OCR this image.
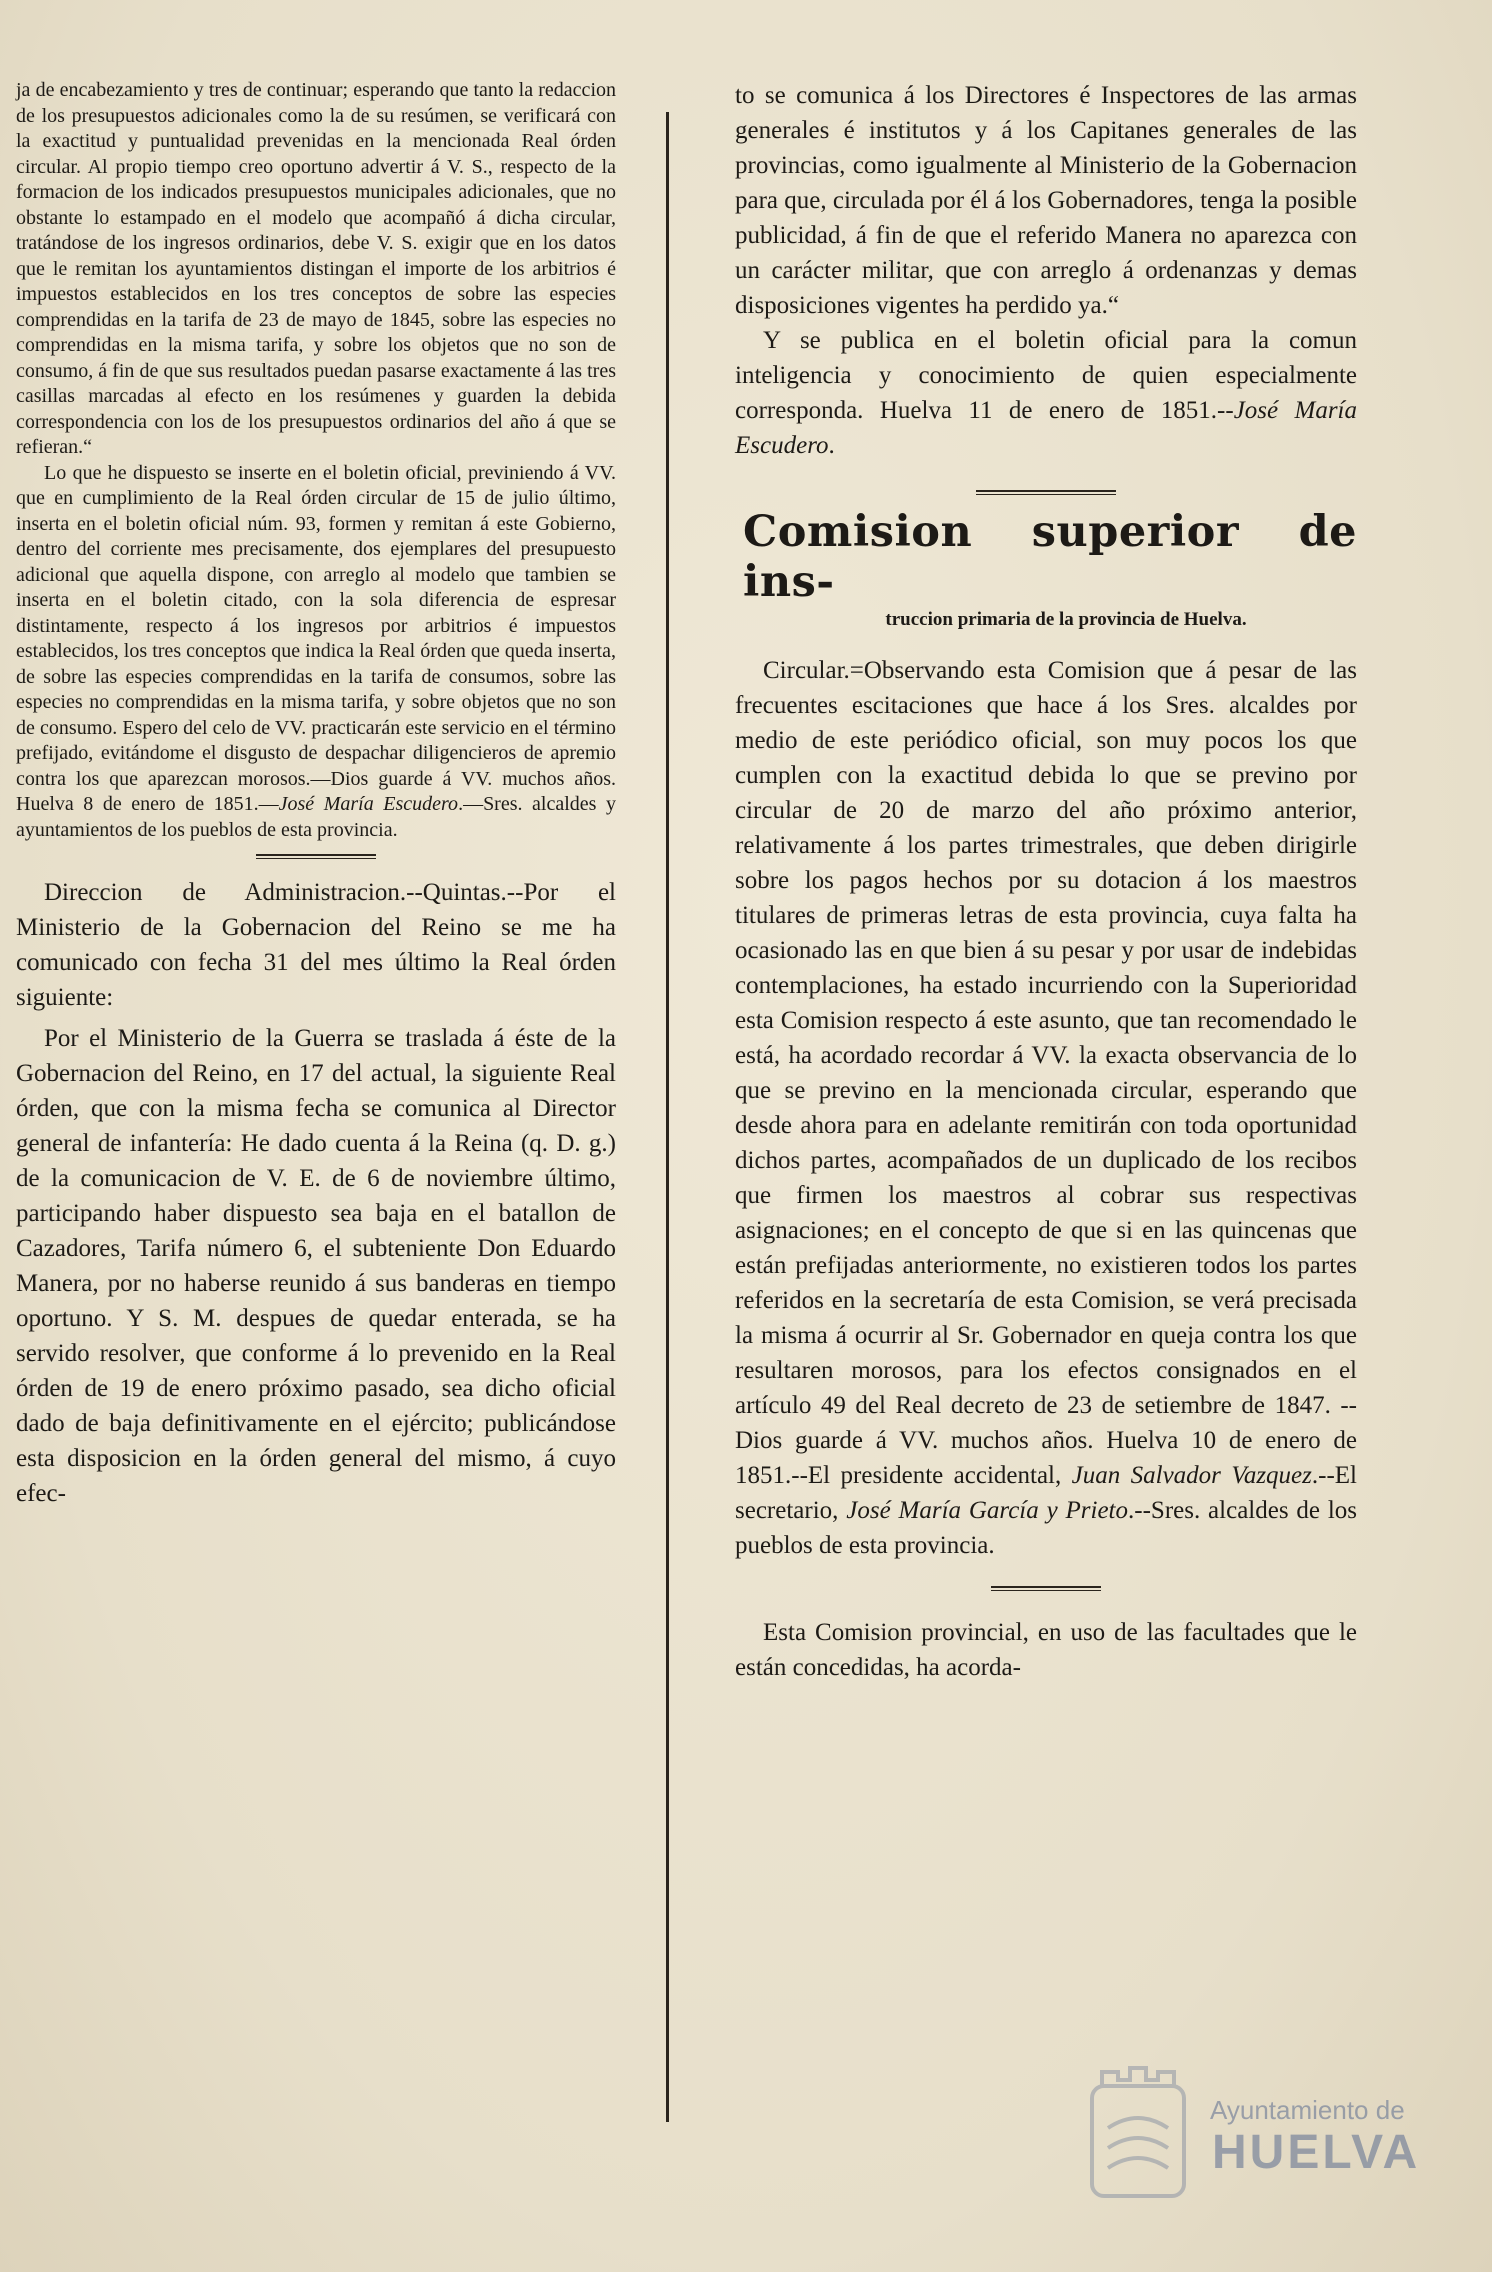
ja de encabezamiento y tres de continuar; esperando que tanto la redaccion de los presupuestos adicionales como la de su resúmen, se verificará con la exactitud y puntualidad prevenidas en la mencionada Real órden circular. Al propio tiempo creo oportuno advertir á V. S., respecto de la formacion de los indicados presupuestos municipales adicionales, que no obstante lo estampado en el modelo que acompañó á dicha circular, tratándose de los ingresos ordinarios, debe V. S. exigir que en los datos que le remitan los ayuntamientos distingan el importe de los arbitrios é impuestos establecidos en los tres conceptos de sobre las especies comprendidas en la tarifa de 23 de mayo de 1845, sobre las especies no comprendidas en la misma tarifa, y sobre los objetos que no son de consumo, á fin de que sus resultados puedan pasarse exactamente á las tres casillas marcadas al efecto en los resúmenes y guarden la debida correspondencia con los de los presupuestos ordinarios del año á que se refieran.“

Lo que he dispuesto se inserte en el boletin oficial, previniendo á VV. que en cumplimiento de la Real órden circular de 15 de julio último, inserta en el boletin oficial núm. 93, formen y remitan á este Gobierno, dentro del corriente mes precisamente, dos ejemplares del presupuesto adicional que aquella dispone, con arreglo al modelo que tambien se inserta en el boletin citado, con la sola diferencia de espresar distintamente, respecto á los ingresos por arbitrios é impuestos establecidos, los tres conceptos que indica la Real órden que queda inserta, de sobre las especies comprendidas en la tarifa de consumos, sobre las especies no comprendidas en la misma tarifa, y sobre objetos que no son de consumo. Espero del celo de VV. practicarán este servicio en el término prefijado, evitándome el disgusto de despachar diligencieros de apremio contra los que aparezcan morosos.—Dios guarde á VV. muchos años. Huelva 8 de enero de 1851.—José María Escudero.—Sres. alcaldes y ayuntamientos de los pueblos de esta provincia.

Direccion de Administracion.--Quintas.--Por el Ministerio de la Gobernacion del Reino se me ha comunicado con fecha 31 del mes último la Real órden siguiente:

Por el Ministerio de la Guerra se traslada á éste de la Gobernacion del Reino, en 17 del actual, la siguiente Real órden, que con la misma fecha se comunica al Director general de infantería: He dado cuenta á la Reina (q. D. g.) de la comunicacion de V. E. de 6 de noviembre último, participando haber dispuesto sea baja en el batallon de Cazadores, Tarifa número 6, el subteniente Don Eduardo Manera, por no haberse reunido á sus banderas en tiempo oportuno. Y S. M. despues de quedar enterada, se ha servido resolver, que conforme á lo prevenido en la Real órden de 19 de enero próximo pasado, sea dicho oficial dado de baja definitivamente en el ejército; publicándose esta disposicion en la órden general del mismo, á cuyo efec-

to se comunica á los Directores é Inspectores de las armas generales é institutos y á los Capitanes generales de las provincias, como igualmente al Ministerio de la Gobernacion para que, circulada por él á los Gobernadores, tenga la posible publicidad, á fin de que el referido Manera no aparezca con un carácter militar, que con arreglo á ordenanzas y demas disposiciones vigentes ha perdido ya.“

Y se publica en el boletin oficial para la comun inteligencia y conocimiento de quien especialmente corresponda. Huelva 11 de enero de 1851.--José María Escudero.

Comision superior de ins-
truccion primaria de la provincia de Huelva.

Circular.=Observando esta Comision que á pesar de las frecuentes escitaciones que hace á los Sres. alcaldes por medio de este periódico oficial, son muy pocos los que cumplen con la exactitud debida lo que se previno por circular de 20 de marzo del año próximo anterior, relativamente á los partes trimestrales, que deben dirigirle sobre los pagos hechos por su dotacion á los maestros titulares de primeras letras de esta provincia, cuya falta ha ocasionado las en que bien á su pesar y por usar de indebidas contemplaciones, ha estado incurriendo con la Superioridad esta Comision respecto á este asunto, que tan recomendado le está, ha acordado recordar á VV. la exacta observancia de lo que se previno en la mencionada circular, esperando que desde ahora para en adelante remitirán con toda oportunidad dichos partes, acompañados de un duplicado de los recibos que firmen los maestros al cobrar sus respectivas asignaciones; en el concepto de que si en las quincenas que están prefijadas anteriormente, no existieren todos los partes referidos en la secretaría de esta Comision, se verá precisada la misma á ocurrir al Sr. Gobernador en queja contra los que resultaren morosos, para los efectos consignados en el artículo 49 del Real decreto de 23 de setiembre de 1847. --Dios guarde á VV. muchos años. Huelva 10 de enero de 1851.--El presidente accidental, Juan Salvador Vazquez.--El secretario, José María García y Prieto.--Sres. alcaldes de los pueblos de esta provincia.

Esta Comision provincial, en uso de las facultades que le están concedidas, ha acorda-

Ayuntamiento de
HUELVA
